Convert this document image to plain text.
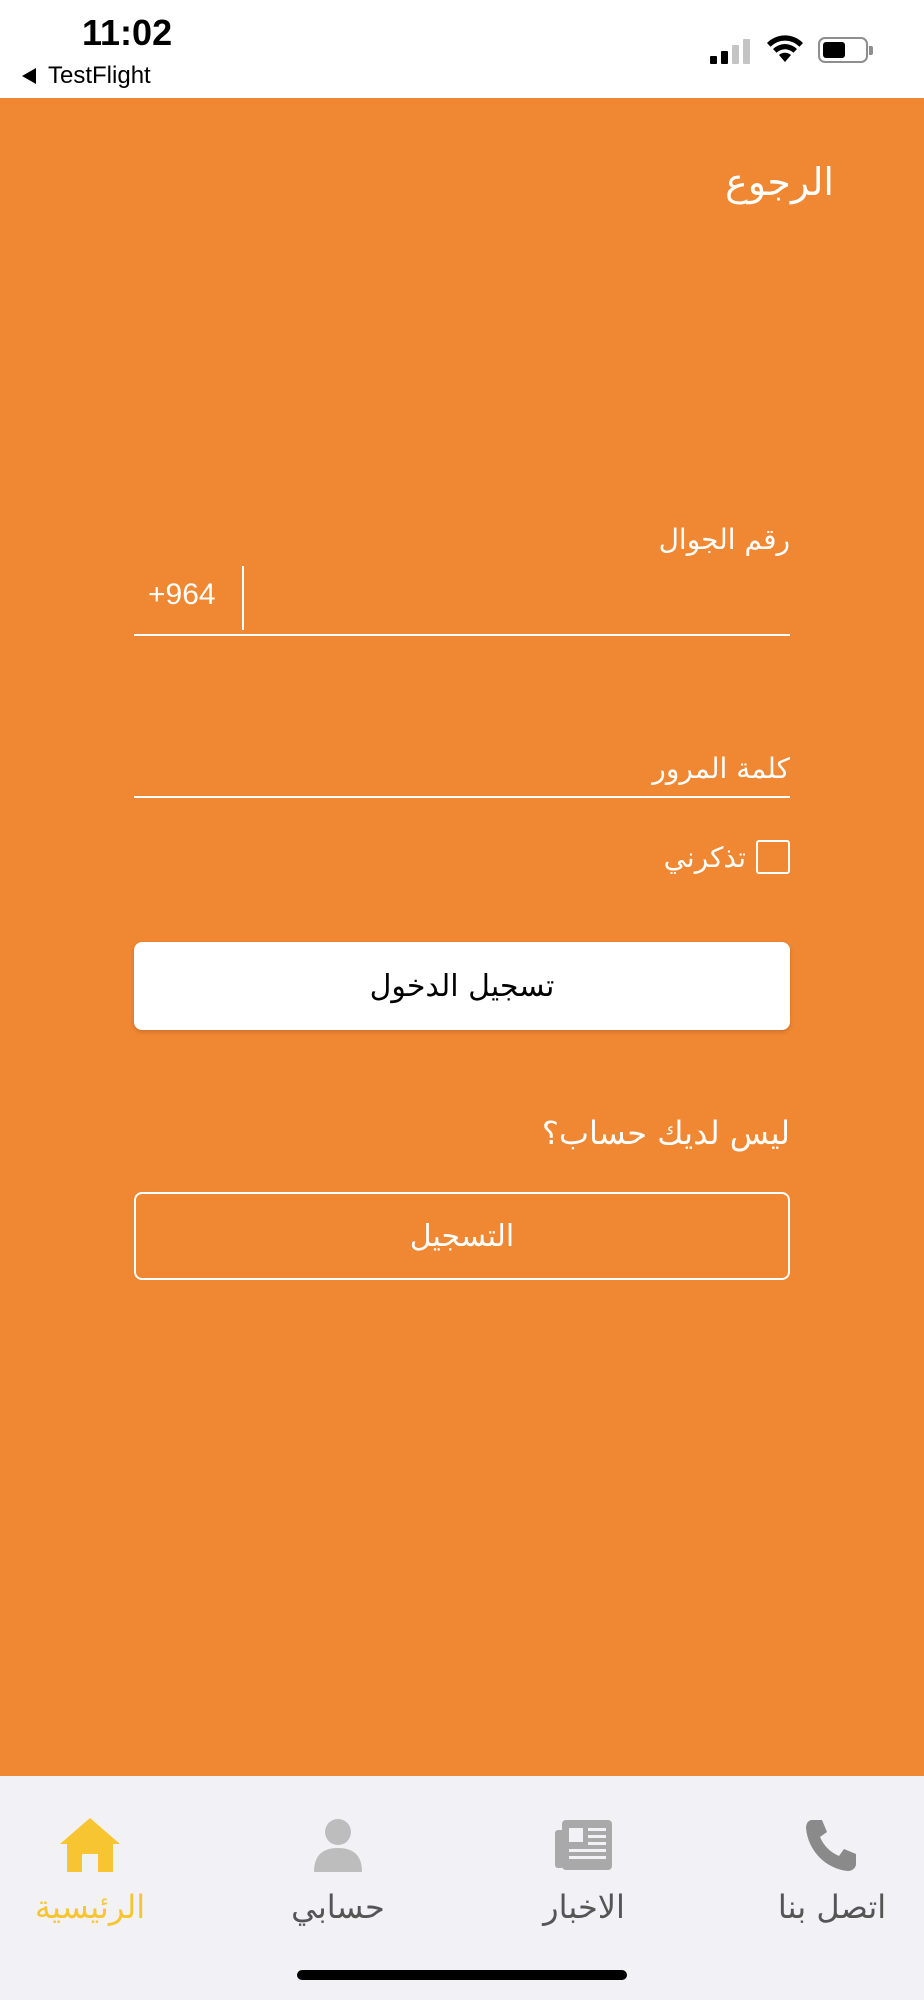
11:02
TestFlight
الرجوع
رقم الجوال
+964
تذكرني
تسجيل الدخول
ليس لديك حساب؟
التسجيل
الرئيسية	حسابي	الاخبار	اتصل بنا
